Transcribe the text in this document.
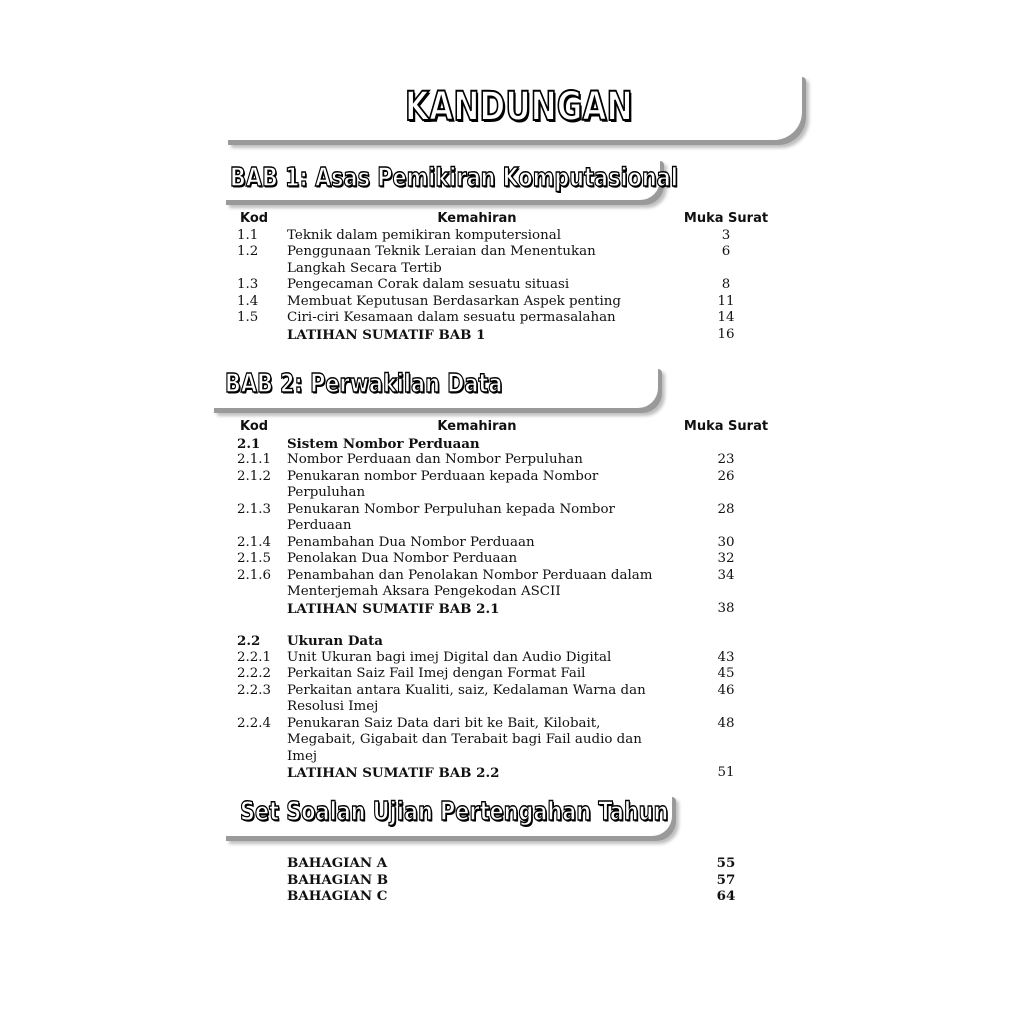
KANDUNGAN
BAB 1: Asas Pemikiran Komputasional
Kod	Kemahiran	Muka Surat
1.1	Teknik dalam pemikiran komputersional	3
1.2	Penggunaan Teknik Leraian dan Menentukan	6
Langkah Secara Tertib
1.3	Pengecaman Corak dalam sesuatu situasi	8
1.4	Membuat Keputusan Berdasarkan Aspek penting	11
1.5	Ciri-ciri Kesamaan dalam sesuatu permasalahan	14
LATIHAN SUMATIF BAB 1	16
BAB 2: Perwakilan Data
Kod	Kemahiran	Muka Surat
2.1	Sistem Nombor Perduaan
2.1.1	Nombor Perduaan dan Nombor Perpuluhan	23
2.1.2	Penukaran nombor Perduaan kepada Nombor	26
Perpuluhan
2.1.3	Penukaran Nombor Perpuluhan kepada Nombor	28
Perduaan
2.1.4	Penambahan Dua Nombor Perduaan	30
2.1.5	Penolakan Dua Nombor Perduaan	32
2.1.6	Penambahan dan Penolakan Nombor Perduaan dalam	34
Menterjemah Aksara Pengekodan ASCII
LATIHAN SUMATIF BAB 2.1	38
2.2	Ukuran Data
2.2.1	Unit Ukuran bagi imej Digital dan Audio Digital	43
2.2.2	Perkaitan Saiz Fail Imej dengan Format Fail	45
2.2.3	Perkaitan antara Kualiti, saiz, Kedalaman Warna dan	46
Resolusi Imej
2.2.4	Penukaran Saiz Data dari bit ke Bait, Kilobait,	48
Megabait, Gigabait dan Terabait bagi Fail audio dan
Imej
LATIHAN SUMATIF BAB 2.2	51
Set Soalan Ujian Pertengahan Tahun
BAHAGIAN A	55
BAHAGIAN B	57
BAHAGIAN C	64
